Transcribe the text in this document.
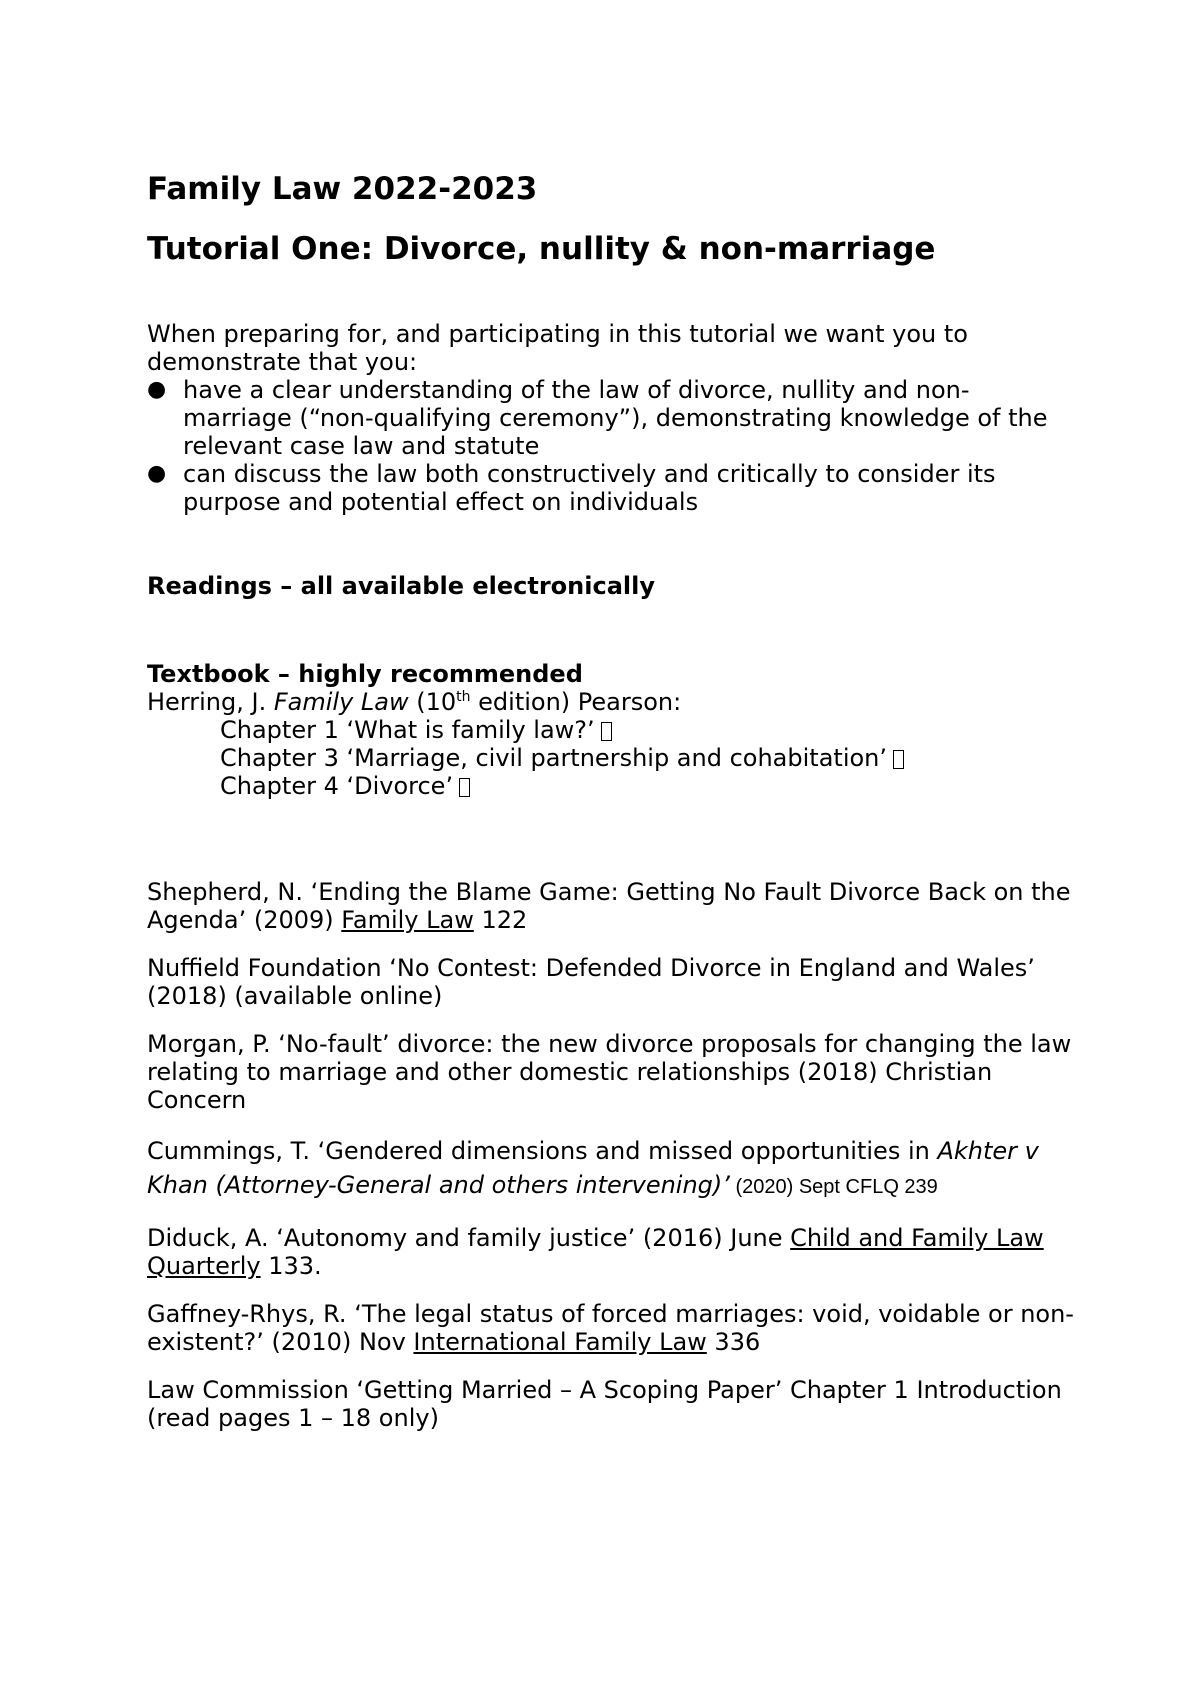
Family Law 2022-2023
Tutorial One: Divorce, nullity & non-marriage

When preparing for, and participating in this tutorial we want you to demonstrate that you:

● have a clear understanding of the law of divorce, nullity and non-marriage (“non-qualifying ceremony”), demonstrating knowledge of the relevant case law and statute
● can discuss the law both constructively and critically to consider its purpose and potential effect on individuals

Readings – all available electronically

Textbook – highly recommended

Herring, J. Family Law (10th edition) Pearson:

Chapter 1 ‘What is family law?’

Chapter 3 ‘Marriage, civil partnership and cohabitation’

Chapter 4 ‘Divorce’

Shepherd, N. ‘Ending the Blame Game: Getting No Fault Divorce Back on the Agenda’ (2009) Family Law 122

Nuffield Foundation ‘No Contest: Defended Divorce in England and Wales’ (2018) (available online)

Morgan, P. ‘No-fault’ divorce: the new divorce proposals for changing the law relating to marriage and other domestic relationships (2018) Christian Concern

Cummings, T. ‘Gendered dimensions and missed opportunities in Akhter v Khan (Attorney-General and others intervening)’ (2020) Sept CFLQ 239

Diduck, A. ‘Autonomy and family justice’ (2016) June Child and Family Law Quarterly 133.

Gaffney-Rhys, R. ‘The legal status of forced marriages: void, voidable or non-existent?’ (2010) Nov International Family Law 336

Law Commission ‘Getting Married – A Scoping Paper’ Chapter 1 Introduction (read pages 1 – 18 only)
